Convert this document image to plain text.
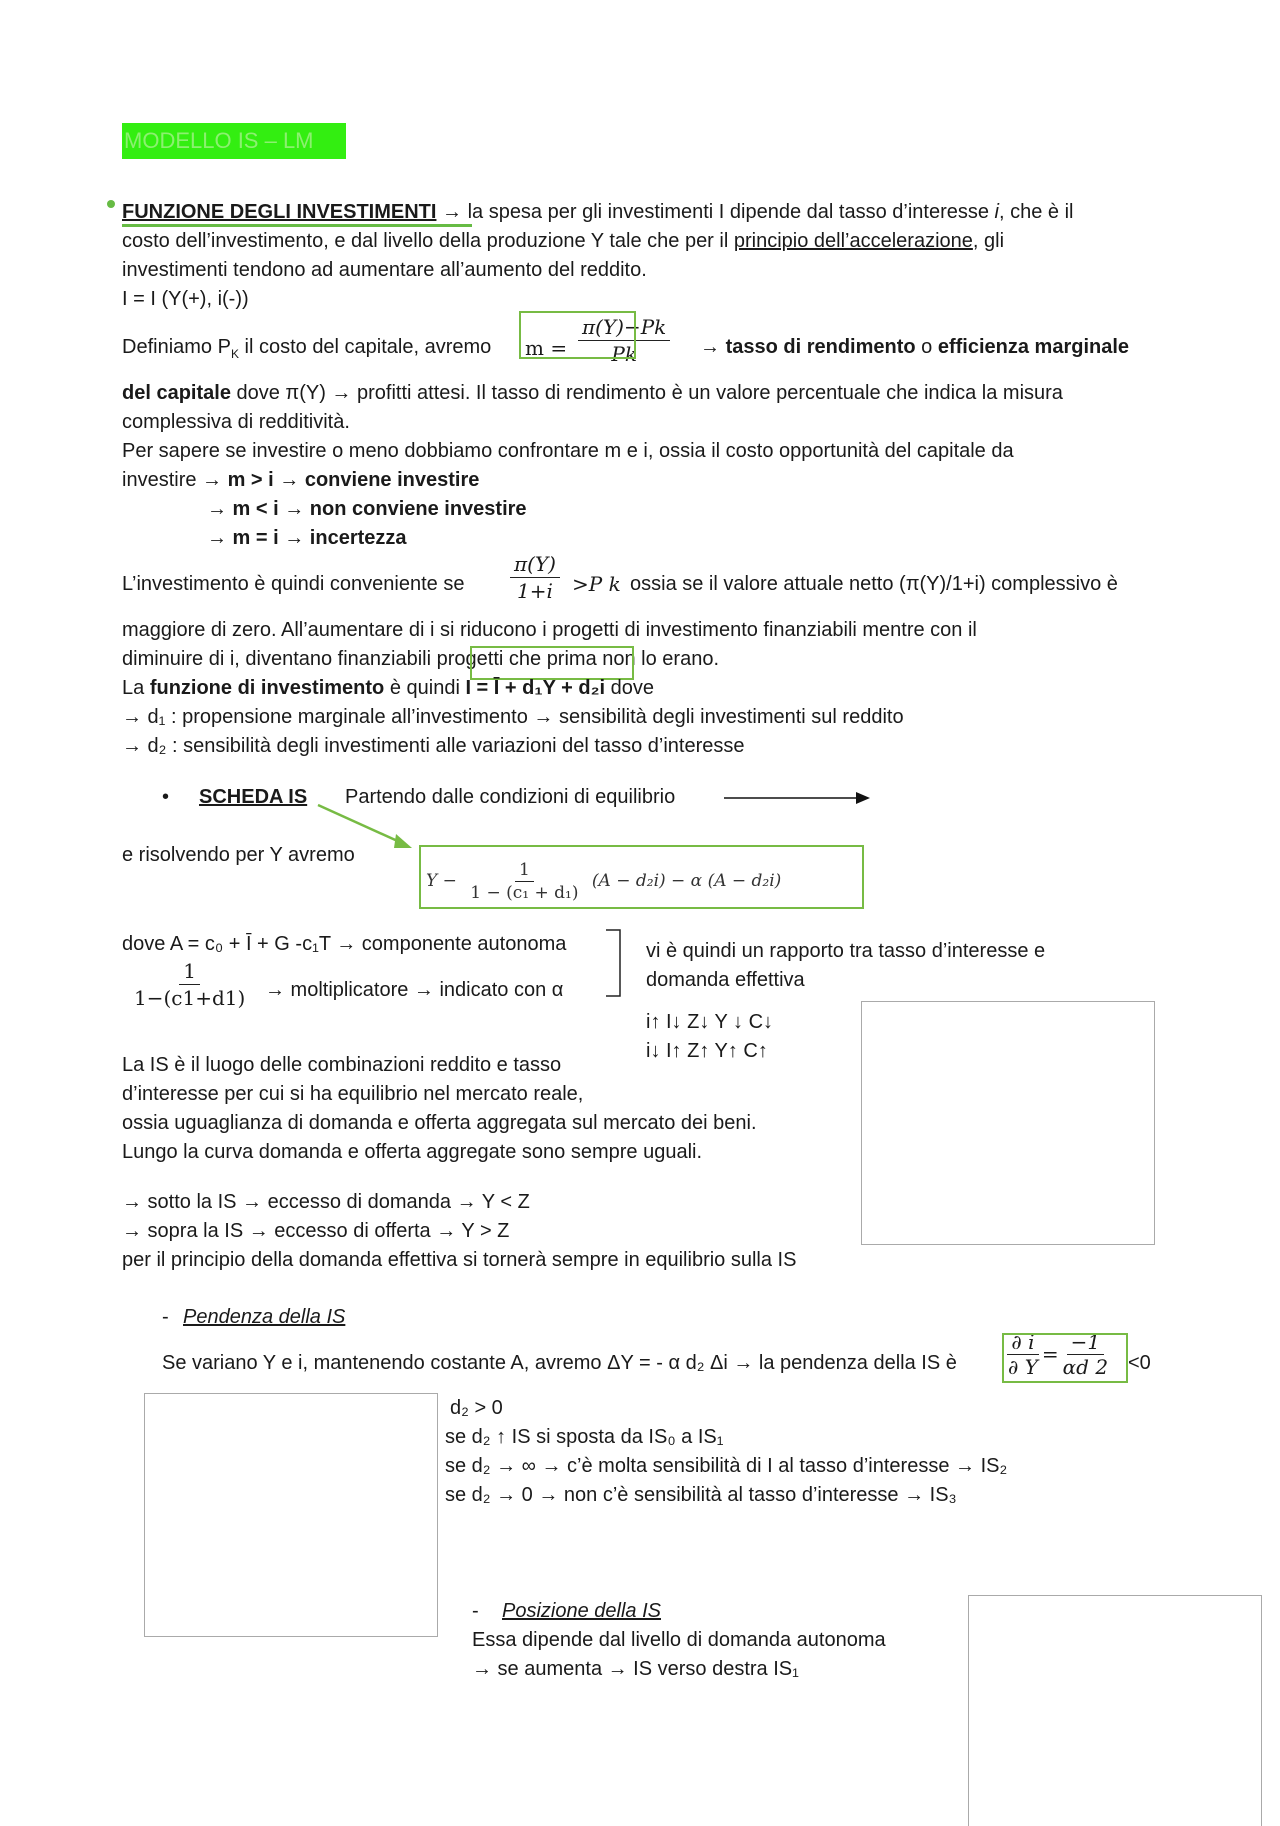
MODELLO IS – LM
FUNZIONE DEGLI INVESTIMENTI → la spesa per gli investimenti I dipende dal tasso d’interesse i, che è il
costo dell’investimento, e dal livello della produzione Y tale che per il principio dell’accelerazione, gli
investimenti tendono ad aumentare all’aumento del reddito.
I = I (Y(+), i(-))
Definiamo $P_K$ il costo del capitale, avremo $m = \frac{\pi(Y)-Pk}{Pk}$ → tasso di rendimento o efficienza marginale
del capitale dove π(Y) → profitti attesi. Il tasso di rendimento è un valore percentuale che indica la misura
complessiva di redditività.
Per sapere se investire o meno dobbiamo confrontare m e i, ossia il costo opportunità del capitale da
investire → m > i → conviene investire
→ m < i → non conviene investire
→ m = i → incertezza
L’investimento è quindi conveniente se $\frac{\pi(Y)}{1+i} >P$ k ossia se il valore attuale netto (π(Y)/1+i) complessivo è
maggiore di zero. All’aumentare di i si riducono i progetti di investimento finanziabili mentre con il
diminuire di i, diventano finanziabili progetti che prima non lo erano.
La funzione di investimento è quindi I = Ī + d₁Y + d₂i dove
→ d₁ : propensione marginale all’investimento → sensibilità degli investimenti sul reddito
→ d₂ : sensibilità degli investimenti alle variazioni del tasso d’interesse
• SCHEDA IS Partendo dalle condizioni di equilibrio
e risolvendo per Y avremo
$Y - \frac{1}{\text{1 − (c₁ + d₁)}} (A - d_2i) - \alpha$ (A − d₂i)
dove A = c₀ + Ī + G -c₁T → componente autonoma
$\frac{1}{1-(c1+d1)}$ → moltiplicatore → indicato con α
vi è quindi un rapporto tra tasso d’interesse e
domanda effettiva
i↑ I↓ Z↓ Y ↓ C↓
i↓ I↑ Z↑ Y↑ C↑
La IS è il luogo delle combinazioni reddito e tasso
d’interesse per cui si ha equilibrio nel mercato reale,
ossia uguaglianza di domanda e offerta aggregata sul mercato dei beni.
Lungo la curva domanda e offerta aggregate sono sempre uguali.
→ sotto la IS → eccesso di domanda → Y < Z
→ sopra la IS → eccesso di offerta → Y > Z
per il principio della domanda effettiva si tornerà sempre in equilibrio sulla IS
- Pendenza della IS
Se variano Y e i, mantenendo costante A, avremo ΔY = - α d₂ Δi → la pendenza della IS è $\frac{\partial i}{\partial Y} = \frac{-1}{\alpha d 2} <0$
d₂ > 0
se d₂ ↑ IS si sposta da IS₀ a IS₁
se d₂ → ∞ → c’è molta sensibilità di I al tasso d’interesse → IS₂
se d₂ → 0 → non c’è sensibilità al tasso d’interesse → IS₃
- Posizione della IS
Essa dipende dal livello di domanda autonoma
→ se aumenta → IS verso destra IS₁
